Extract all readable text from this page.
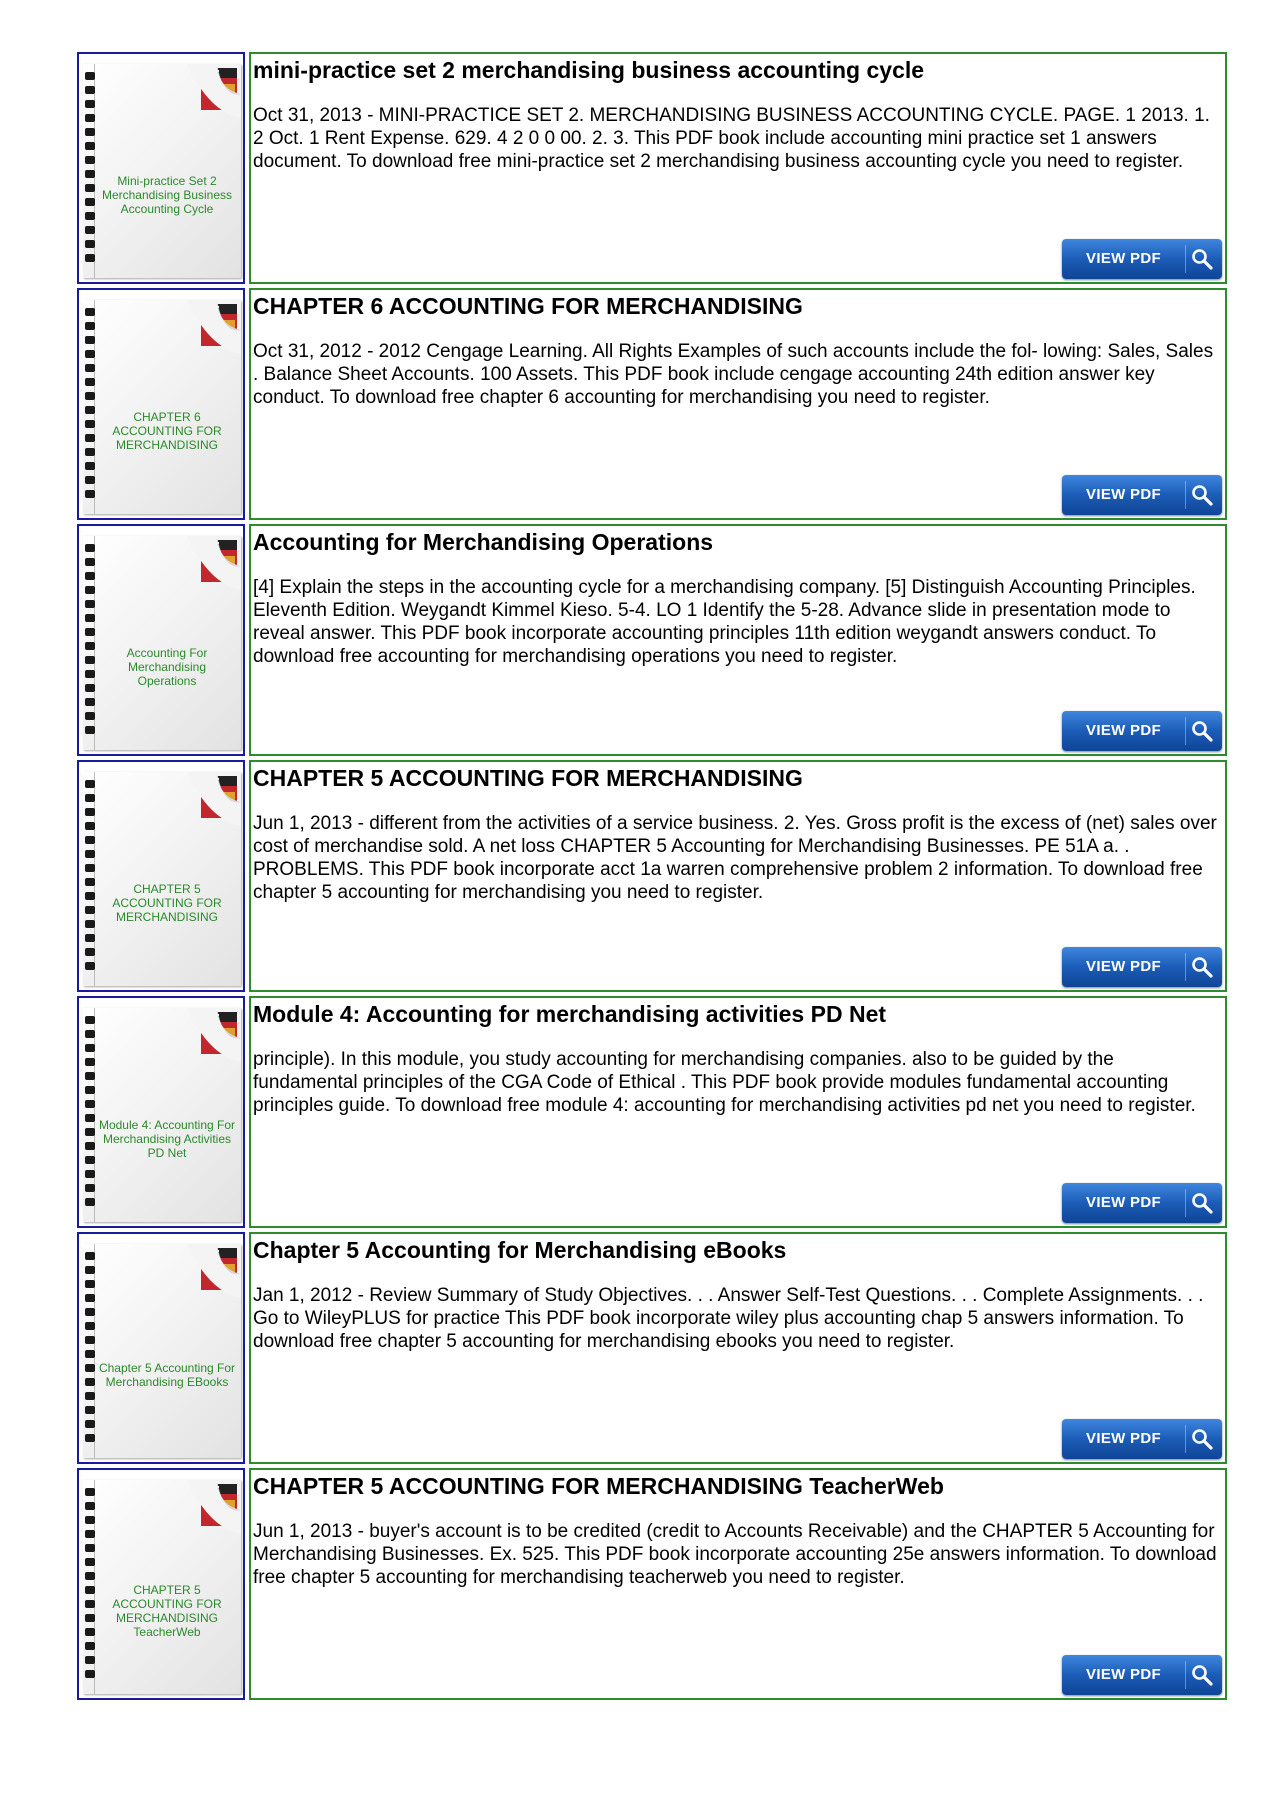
Mini-practice Set 2 Merchandising Business Accounting Cycle
mini-practice set 2 merchandising business accounting cycle
Oct 31, 2013 - MINI-PRACTICE SET 2. MERCHANDISING BUSINESS ACCOUNTING CYCLE. PAGE. 1 2013. 1. 2 Oct. 1 Rent Expense. 629. 4 2 0 0 00. 2. 3. This PDF book include accounting mini practice set 1 answers document. To download free mini-practice set 2 merchandising business accounting cycle you need to register.
VIEW PDF
CHAPTER 6 ACCOUNTING FOR MERCHANDISING
CHAPTER 6 ACCOUNTING FOR MERCHANDISING
Oct 31, 2012 - 2012 Cengage Learning. All Rights Examples of such accounts include the fol- lowing: Sales, Sales . Balance Sheet Accounts. 100 Assets. This PDF book include cengage accounting 24th edition answer key conduct. To download free chapter 6 accounting for merchandising you need to register.
VIEW PDF
Accounting For Merchandising Operations
Accounting for Merchandising Operations
[4] Explain the steps in the accounting cycle for a merchandising company. [5] Distinguish Accounting Principles. Eleventh Edition. Weygandt Kimmel Kieso. 5-4. LO 1 Identify the 5-28. Advance slide in presentation mode to reveal answer. This PDF book incorporate accounting principles 11th edition weygandt answers conduct. To download free accounting for merchandising operations you need to register.
VIEW PDF
CHAPTER 5 ACCOUNTING FOR MERCHANDISING
CHAPTER 5 ACCOUNTING FOR MERCHANDISING
Jun 1, 2013 - different from the activities of a service business. 2. Yes. Gross profit is the excess of (net) sales over cost of merchandise sold. A net loss CHAPTER 5 Accounting for Merchandising Businesses. PE 51A a. . PROBLEMS. This PDF book incorporate acct 1a warren comprehensive problem 2 information. To download free chapter 5 accounting for merchandising you need to register.
VIEW PDF
Module 4: Accounting For Merchandising Activities PD Net
Module 4: Accounting for merchandising activities PD Net
principle). In this module, you study accounting for merchandising companies. also to be guided by the fundamental principles of the CGA Code of Ethical . This PDF book provide modules fundamental accounting principles guide. To download free module 4: accounting for merchandising activities pd net you need to register.
VIEW PDF
Chapter 5 Accounting For Merchandising EBooks
Chapter 5 Accounting for Merchandising eBooks
Jan 1, 2012 - Review Summary of Study Objectives. . . Answer Self-Test Questions. . . Complete Assignments. . . Go to WileyPLUS for practice This PDF book incorporate wiley plus accounting chap 5 answers information. To download free chapter 5 accounting for merchandising ebooks you need to register.
VIEW PDF
CHAPTER 5 ACCOUNTING FOR MERCHANDISING TeacherWeb
CHAPTER 5 ACCOUNTING FOR MERCHANDISING TeacherWeb
Jun 1, 2013 - buyer's account is to be credited (credit to Accounts Receivable) and the CHAPTER 5 Accounting for Merchandising Businesses. Ex. 525. This PDF book incorporate accounting 25e answers information. To download free chapter 5 accounting for merchandising teacherweb you need to register.
VIEW PDF
